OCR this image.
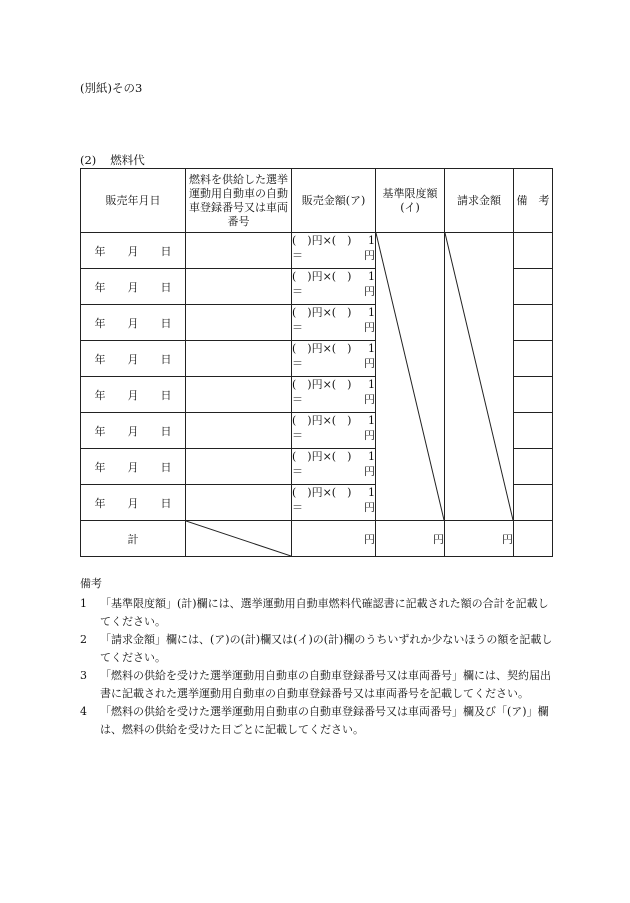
(別紙)その3
(2) 燃料代
販売年月日	燃料を供給した選挙運動用自動車の自動車登録番号又は車両番号	販売金額(ア)	基準限度額(イ)	請求金額	備　考
年 月 日		(　)円×(　) 1
＝ 円

年 月 日		(　)円×(　) 1
＝ 円			

年 月 日		(　)円×(　) 1
＝ 円			

年 月 日		(　)円×(　) 1
＝ 円			

年 月 日		(　)円×(　) 1
＝ 円			

年 月 日		(　)円×(　) 1
＝ 円			

年 月 日		(　)円×(　) 1
＝ 円			

年 月 日		(　)円×(　) 1
＝ 円			

計		円	円	円	
備考
1	「基準限度額」(計)欄には、選挙運動用自動車燃料代確認書に記載された額の合計を記載してください。
2	「請求金額」欄には、(ア)の(計)欄又は(イ)の(計)欄のうちいずれか少ないほうの額を記載してください。
3	「燃料の供給を受けた選挙運動用自動車の自動車登録番号又は車両番号」欄には、契約届出書に記載された選挙運動用自動車の自動車登録番号又は車両番号を記載してください。
4	「燃料の供給を受けた選挙運動用自動車の自動車登録番号又は車両番号」欄及び「(ア)」欄は、燃料の供給を受けた日ごとに記載してください。
